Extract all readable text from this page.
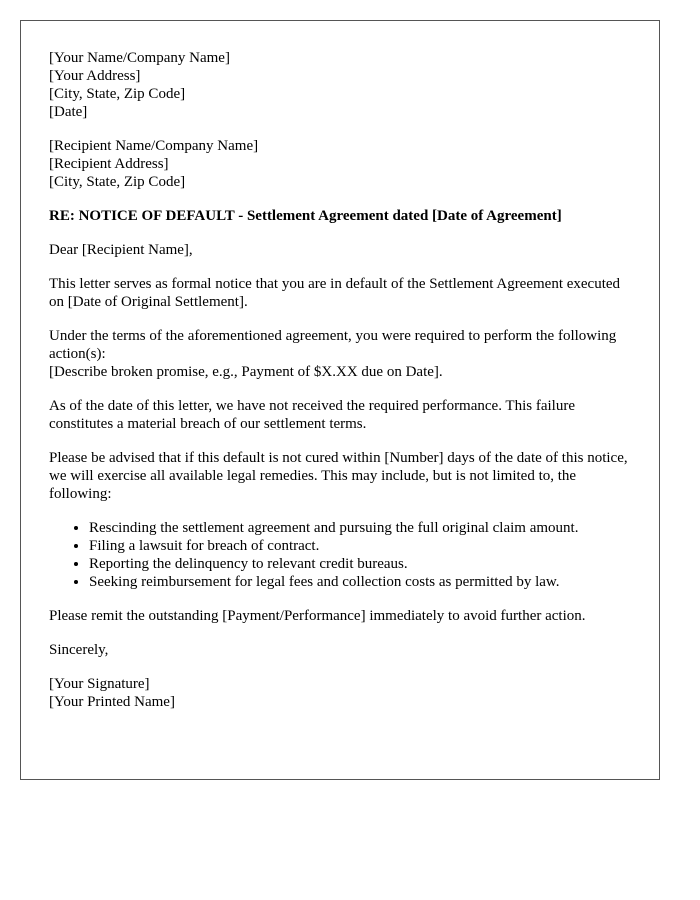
[Your Name/Company Name]

[Your Address]

[City, State, Zip Code]

[Date]

[Recipient Name/Company Name]

[Recipient Address]

[City, State, Zip Code]

RE: NOTICE OF DEFAULT - Settlement Agreement dated [Date of Agreement]

Dear [Recipient Name],

This letter serves as formal notice that you are in default of the Settlement Agreement executed on [Date of Original Settlement].

Under the terms of the aforementioned agreement, you were required to perform the following action(s):
[Describe broken promise, e.g., Payment of $X.XX due on Date].

As of the date of this letter, we have not received the required performance. This failure constitutes a material breach of our settlement terms.

Please be advised that if this default is not cured within [Number] days of the date of this notice, we will exercise all available legal remedies. This may include, but is not limited to, the following:

• Rescinding the settlement agreement and pursuing the full original claim amount.
• Filing a lawsuit for breach of contract.
• Reporting the delinquency to relevant credit bureaus.
• Seeking reimbursement for legal fees and collection costs as permitted by law.

Please remit the outstanding [Payment/Performance] immediately to avoid further action.

Sincerely,

[Your Signature]

[Your Printed Name]
